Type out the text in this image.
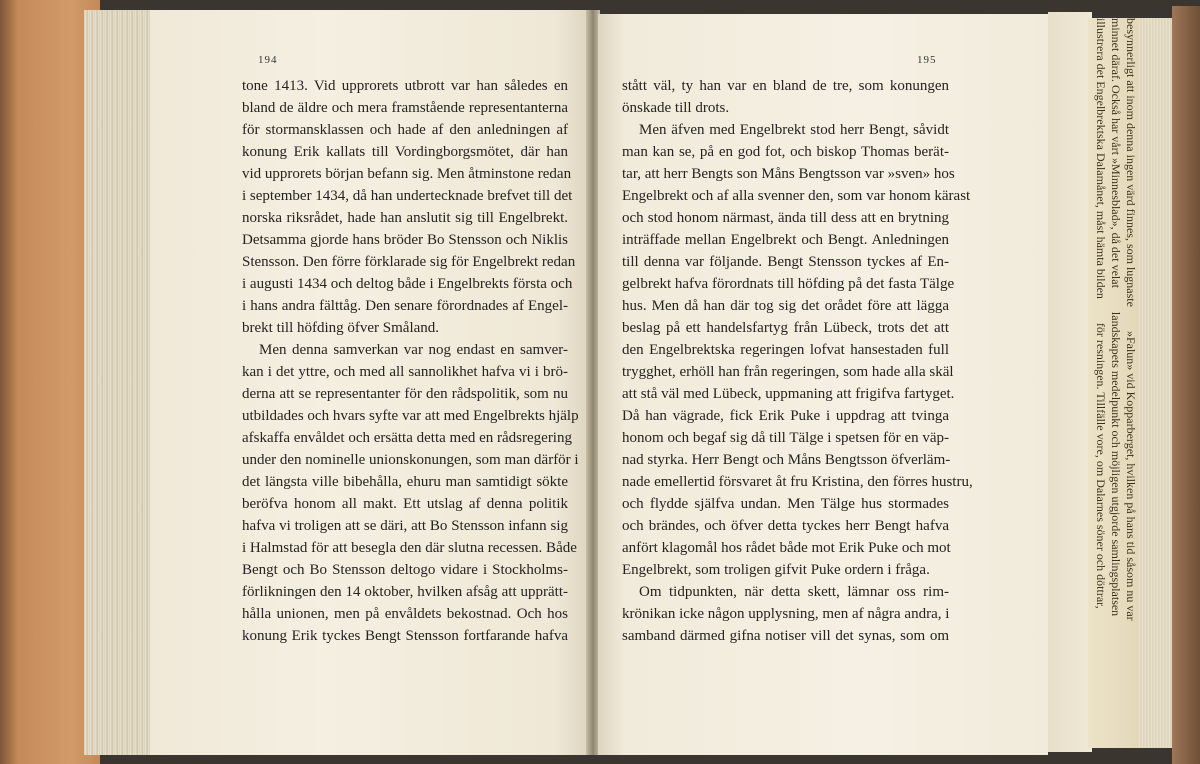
besynnerligt att inom denna ingen värd finnes, som lugnaste»Falun» vid Kopparberget, hvilken på hans tid såsom nu var
minnet däraf. Också har vårt »Minnesblad», då det velatlandskapets medelpunkt och möjligen utgjorde samlingsplatsen
illustrera det Engelbrektska Dalamånet, måst hämta bildenför resningen. Tillfälle vore, om Dalarnes söner och döttrar,
194	195
tone 1413. Vid upprorets utbrott var han således en
bland de äldre och mera framstående representanterna
för stormansklassen och hade af den anledningen af
konung Erik kallats till Vordingborgsmötet, där han
vid upprorets början befann sig. Men åtminstone redan
i september 1434, då han undertecknade brefvet till det
norska riksrådet, hade han anslutit sig till Engelbrekt.
Detsamma gjorde hans bröder Bo Stensson och Niklis
Stensson. Den förre förklarade sig för Engelbrekt redan
i augusti 1434 och deltog både i Engelbrekts första och
i hans andra fälttåg. Den senare förordnades af Engel-
brekt till höfding öfver Småland.
Men denna samverkan var nog endast en samver-
kan i det yttre, och med all sannolikhet hafva vi i brö-
derna att se representanter för den rådspolitik, som nu
utbildades och hvars syfte var att med Engelbrekts hjälp
afskaffa envåldet och ersätta detta med en rådsregering
under den nominelle unionskonungen, som man därför i
det längsta ville bibehålla, ehuru man samtidigt sökte
beröfva honom all makt. Ett utslag af denna politik
hafva vi troligen att se däri, att Bo Stensson infann sig
i Halmstad för att besegla den där slutna recessen. Både
Bengt och Bo Stensson deltogo vidare i Stockholms-
förlikningen den 14 oktober, hvilken afsåg att upprätt-
hålla unionen, men på envåldets bekostnad. Och hos
konung Erik tyckes Bengt Stensson fortfarande hafva
stått väl, ty han var en bland de tre, som konungen
önskade till drots.
Men äfven med Engelbrekt stod herr Bengt, såvidt
man kan se, på en god fot, och biskop Thomas berät-
tar, att herr Bengts son Måns Bengtsson var »sven» hos
Engelbrekt och af alla svenner den, som var honom kärast
och stod honom närmast, ända till dess att en brytning
inträffade mellan Engelbrekt och Bengt. Anledningen
till denna var följande. Bengt Stensson tyckes af En-
gelbrekt hafva förordnats till höfding på det fasta Tälge
hus. Men då han där tog sig det orådet före att lägga
beslag på ett handelsfartyg från Lübeck, trots det att
den Engelbrektska regeringen lofvat hansestaden full
trygghet, erhöll han från regeringen, som hade alla skäl
att stå väl med Lübeck, uppmaning att frigifva fartyget.
Då han vägrade, fick Erik Puke i uppdrag att tvinga
honom och begaf sig då till Tälge i spetsen för en väp-
nad styrka. Herr Bengt och Måns Bengtsson öfverläm-
nade emellertid försvaret åt fru Kristina, den förres hustru,
och flydde själfva undan. Men Tälge hus stormades
och brändes, och öfver detta tyckes herr Bengt hafva
anfört klagomål hos rådet både mot Erik Puke och mot
Engelbrekt, som troligen gifvit Puke ordern i fråga.
Om tidpunkten, när detta skett, lämnar oss rim-
krönikan icke någon upplysning, men af några andra, i
samband därmed gifna notiser vill det synas, som om
